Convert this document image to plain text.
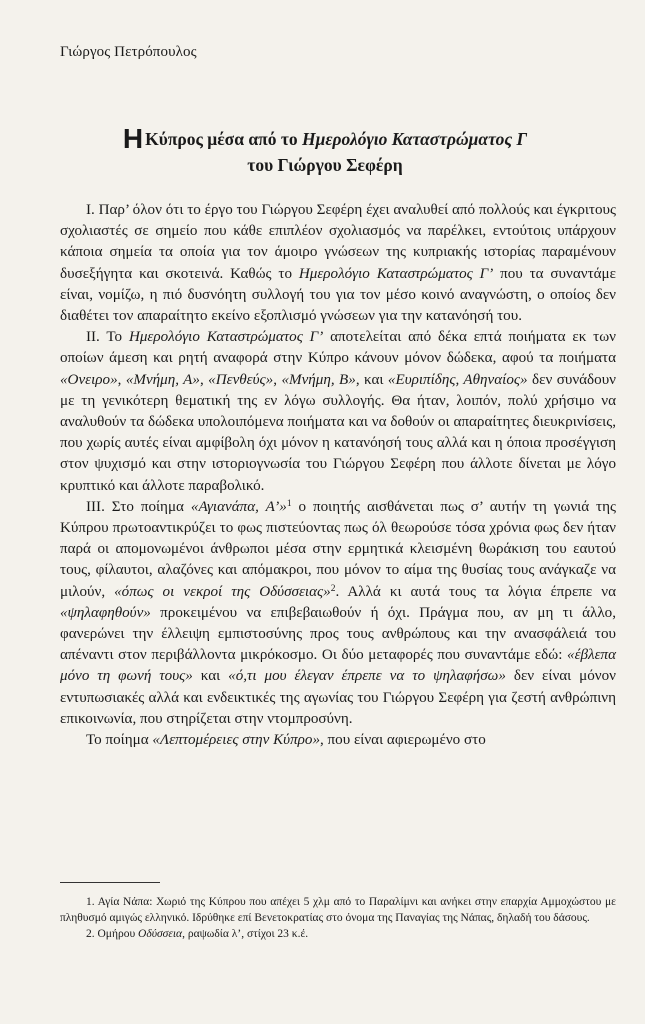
Γιώργος Πετρόπουλος
Η Κύπρος μέσα από το Ημερολόγιο Καταστρώματος Γ
του Γιώργου Σεφέρη

Ι. Παρ’ όλον ότι το έργο του Γιώργου Σεφέρη έχει αναλυθεί από πολλούς και έγκριτους σχολιαστές σε σημείο που κάθε επιπλέον σχολιασμός να παρέλκει, εντούτοις υπάρχουν κάποια σημεία τα οποία για τον άμοιρο γνώσεων της κυπριακής ιστορίας παραμένουν δυσεξήγητα και σκοτεινά. Καθώς το Ημερολόγιο Καταστρώματος Γ’ που τα συναντάμε είναι, νομίζω, η πιό δυσνόητη συλλογή του για τον μέσο κοινό αναγνώστη, ο οποίος δεν διαθέτει τον απαραίτητο εκείνο εξοπλισμό γνώσεων για την κατανόησή του.

ΙΙ. Το Ημερολόγιο Καταστρώματος Γ’ αποτελείται από δέκα επτά ποιήματα εκ των οποίων άμεση και ρητή αναφορά στην Κύπρο κάνουν μόνον δώδεκα, αφού τα ποιήματα «Ονειρο», «Μνήμη, Α», «Πενθεύς», «Μνήμη, Β», και «Ευριπίδης, Αθηναίος» δεν συνάδουν με τη γενικότερη θεματική της εν λόγω συλλογής. Θα ήταν, λοιπόν, πολύ χρήσιμο να αναλυθούν τα δώδεκα υπολοιπόμενα ποιήματα και να δοθούν οι απαραίτητες διευκρινίσεις, που χωρίς αυτές είναι αμφίβολη όχι μόνον η κατανόησή τους αλλά και η όποια προσέγγιση στον ψυχισμό και στην ιστοριογνωσία του Γιώργου Σεφέρη που άλλοτε δίνεται με λόγο κρυπτικό και άλλοτε παραβολικό.

ΙΙΙ. Στο ποίημα «Αγιανάπα, Α’»$^1$ ο ποιητής αισθάνεται πως σ’ αυτήν τη γωνιά της Κύπρου πρωτοαντικρύζει το φως πιστεύοντας πως όλ θεωρούσε τόσα χρόνια φως δεν ήταν παρά οι απομονωμένοι άνθρωποι μέσα στην ερμητικά κλεισμένη θωράκιση του εαυτού τους, φίλαυτοι, αλαζόνες και απόμακροι, που μόνον το αίμα της θυσίας τους ανάγκαζε να μιλούν, «όπως οι νεκροί της Οδύσσειας»$^2$. Αλλά κι αυτά τους τα λόγια έπρεπε να «ψηλαφηθούν» προκειμένου να επιβεβαιωθούν ή όχι. Πράγμα που, αν μη τι άλλο, φανερώνει την έλλειψη εμπιστοσύνης προς τους ανθρώπους και την ανασφάλειά του απέναντι στον περιβάλλοντα μικρόκοσμο. Οι δύο μεταφορές που συναντάμε εδώ: «έβλεπα μόνο τη φωνή τους» και «ό,τι μου έλεγαν έπρεπε να το ψηλαφήσω» δεν είναι μόνον εντυπωσιακές αλλά και ενδεικτικές της αγωνίας του Γιώργου Σεφέρη για ζεστή ανθρώπινη επικοινωνία, που στηρίζεται στην ντομπροσύνη.

Το ποίημα «Λεπτομέρειες στην Κύπρο», που είναι αφιερωμένο στο

1. Αγία Νάπα: Χωριό της Κύπρου που απέχει 5 χλμ από το Παραλίμνι και ανήκει στην επαρχία Αμμοχώστου με πληθυσμό αμιγώς ελληνικό. Ιδρύθηκε επί Βενετοκρατίας στο όνομα της Παναγίας της Νάπας, δηλαδή του δάσους.

2. Ομήρου Οδύσσεια, ραψωδία λ’, στίχοι 23 κ.έ.
